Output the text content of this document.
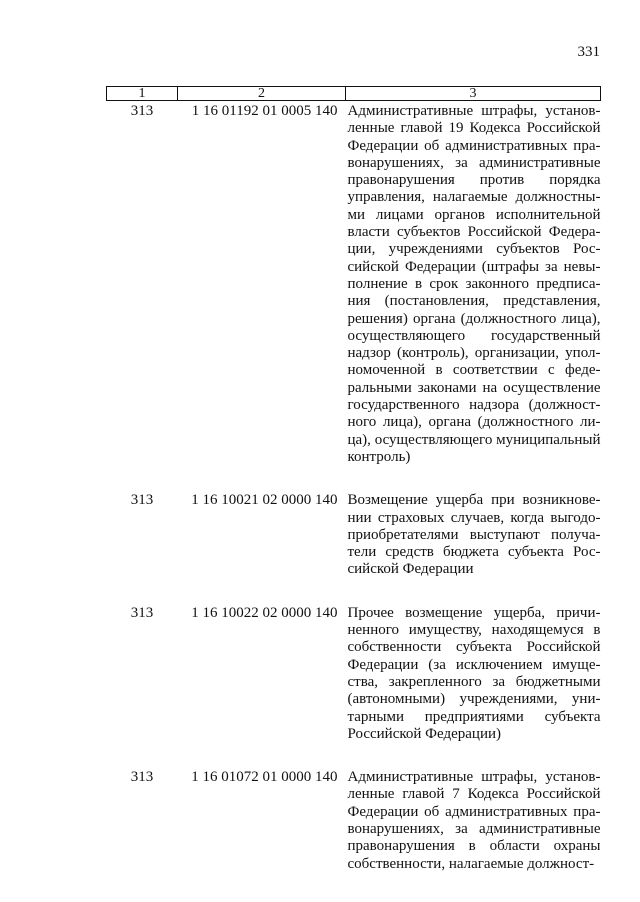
331
1	2	3
313	1 16 01192 01 0005 140	Административные штрафы, установленные главой 19 Кодекса Российской Федерации об административных правонарушениях, за административные правонарушения против порядка управления, налагаемые должностными лицами органов исполнительной власти субъектов Российской Федерации, учреждениями субъектов Российской Федерации (штрафы за невыполнение в срок законного предписания (постановления, представления, решения) органа (должностного лица), осуществляющего государственный надзор (контроль), организации, уполномоченной в соответствии с федеральными законами на осуществление государственного надзора (должностного лица), органа (должностного лица), осуществляющего муниципальный контроль)

313	1 16 10021 02 0000 140	Возмещение ущерба при возникновении страховых случаев, когда выгодоприобретателями выступают получатели средств бюджета субъекта Российской Федерации

313	1 16 10022 02 0000 140	Прочее возмещение ущерба, причиненного имуществу, находящемуся в собственности субъекта Российской Федерации (за исключением имущества, закрепленного за бюджетными (автономными) учреждениями, унитарными предприятиями субъекта Российской Федерации)

313	1 16 01072 01 0000 140	Административные штрафы, установленные главой 7 Кодекса Российской Федерации об административных правонарушениях, за административные правонарушения в области охраны собственности, налагаемые должност-
